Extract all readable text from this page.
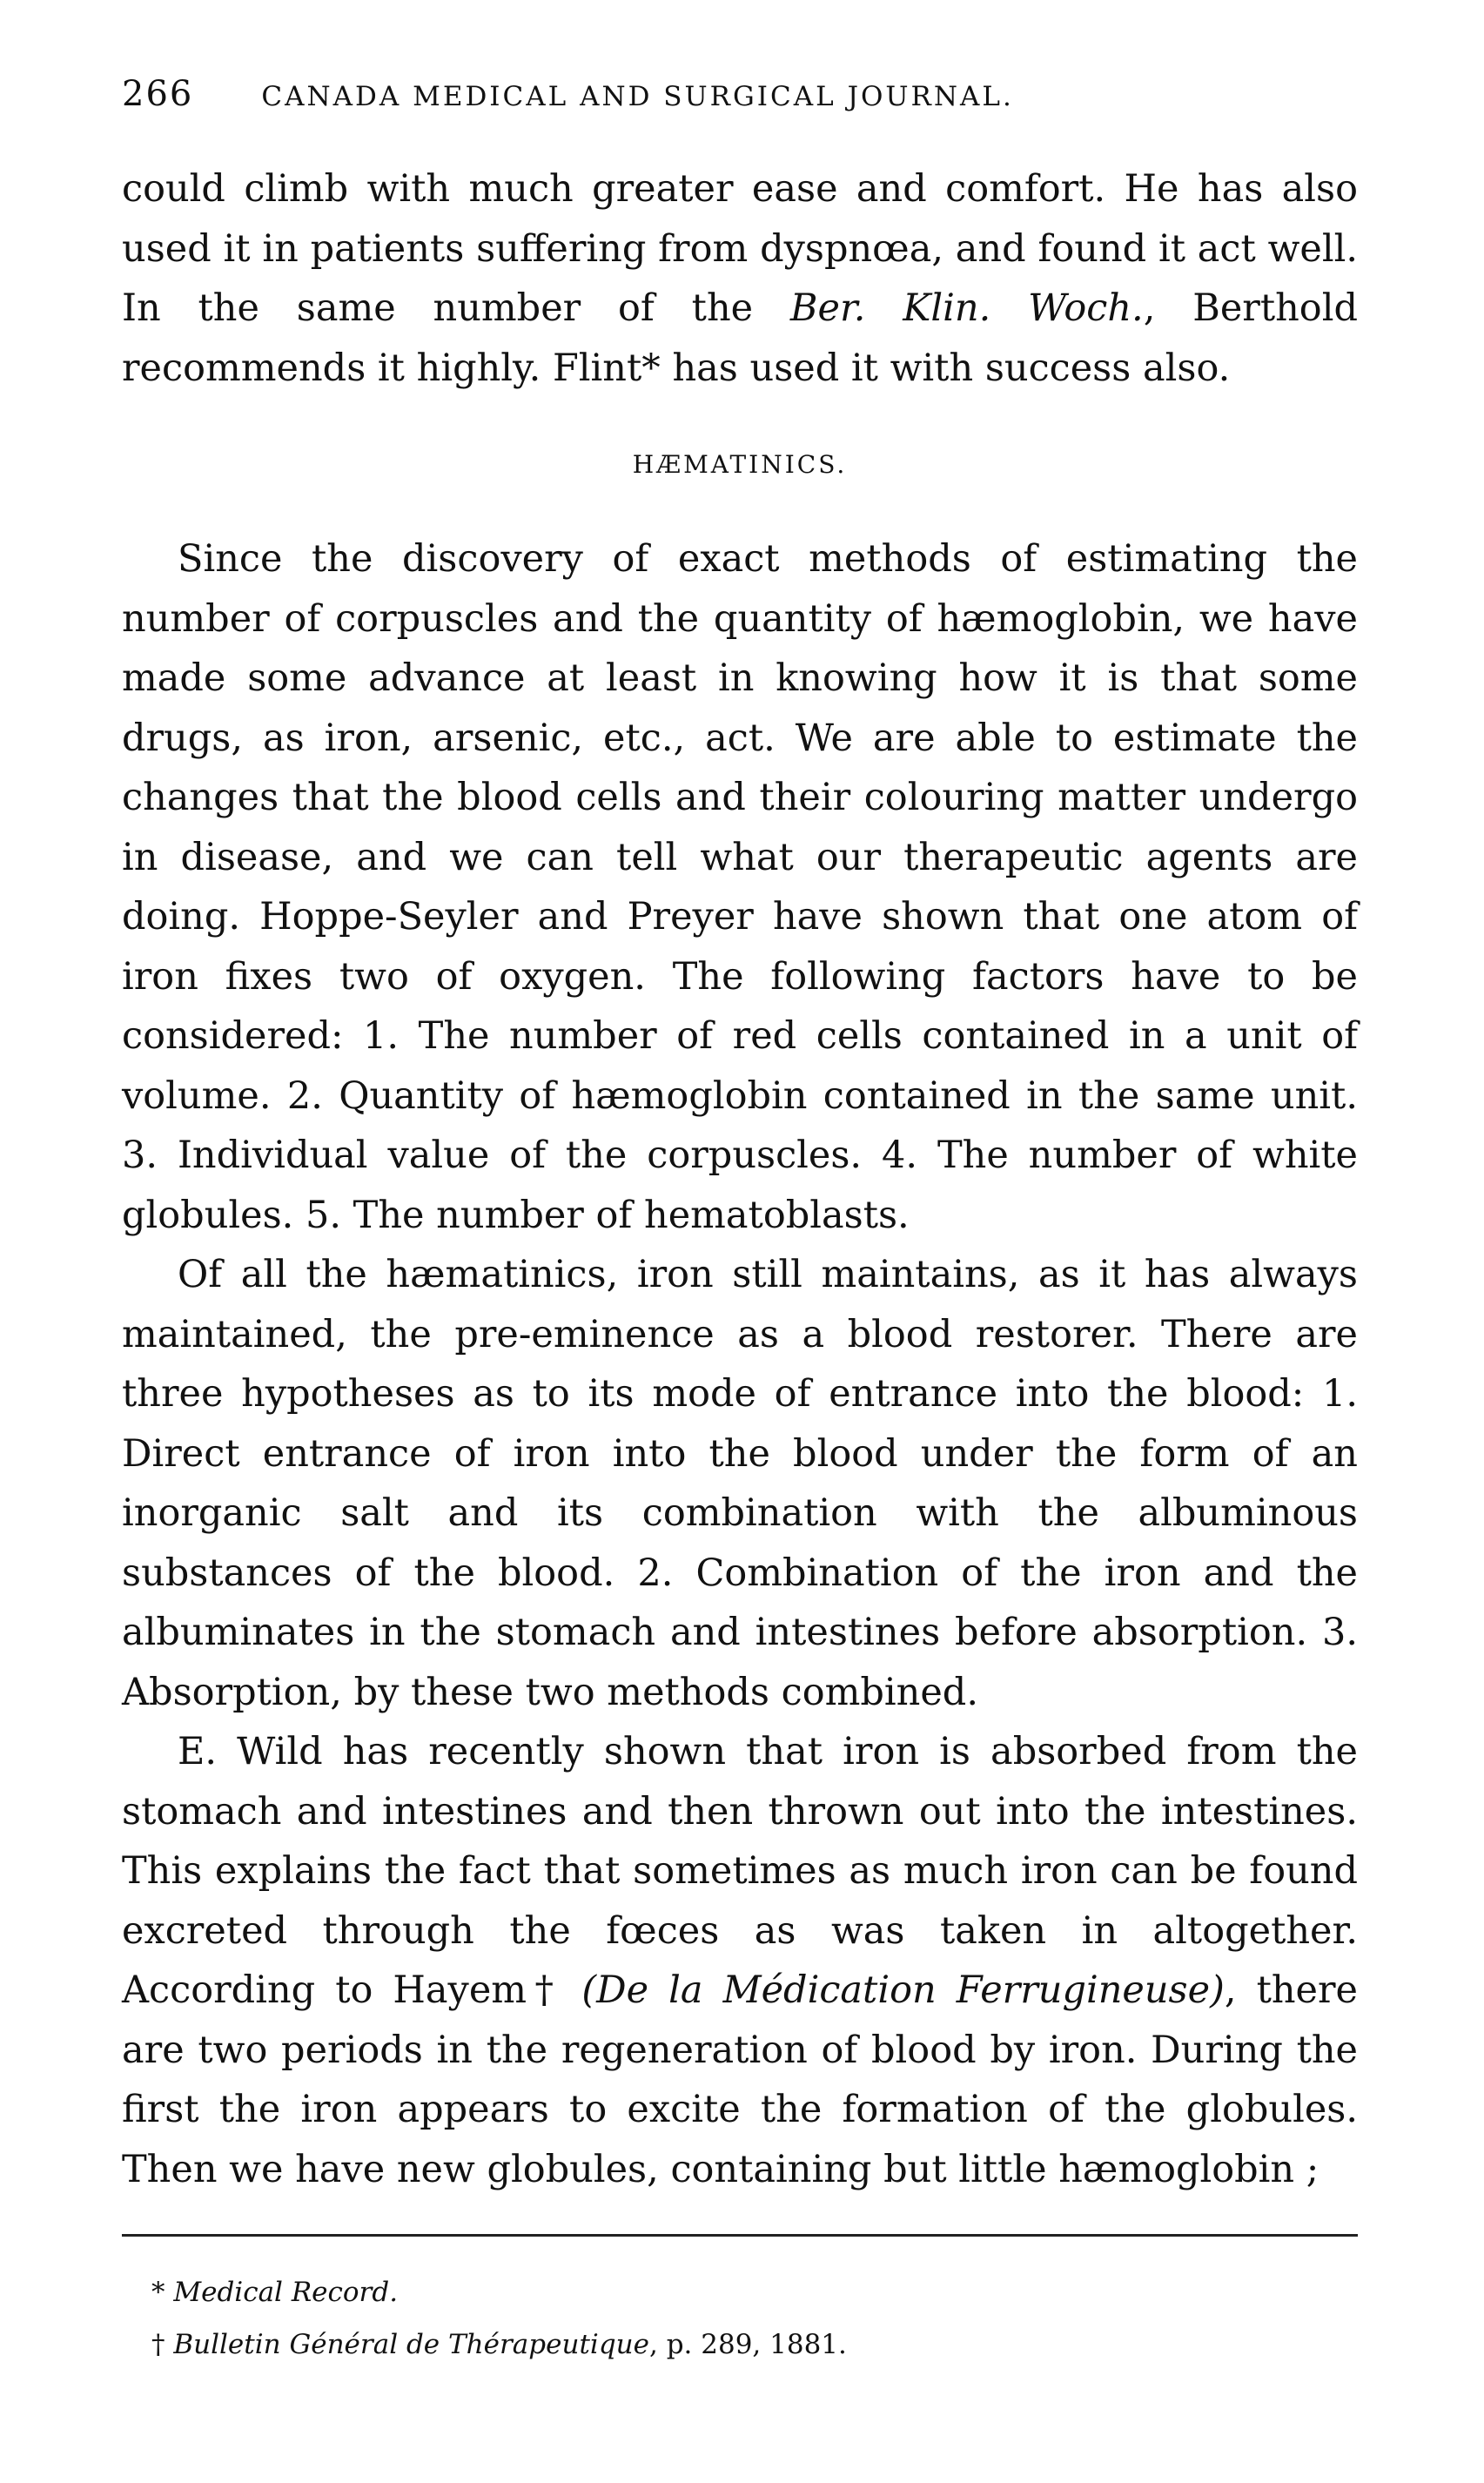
266	CANADA MEDICAL AND SURGICAL JOURNAL.

could climb with much greater ease and comfort. He has also used it in patients suffering from dyspnœa, and found it act well. In the same number of the Ber. Klin. Woch., Berthold recommends it highly. Flint* has used it with success also.

HÆMATINICS.

Since the discovery of exact methods of estimating the number of corpuscles and the quantity of hæmoglobin, we have made some advance at least in knowing how it is that some drugs, as iron, arsenic, etc., act. We are able to estimate the changes that the blood cells and their colouring matter undergo in disease, and we can tell what our therapeutic agents are doing. Hoppe-Seyler and Preyer have shown that one atom of iron fixes two of oxygen. The following factors have to be considered: 1. The number of red cells contained in a unit of volume. 2. Quantity of hæmoglobin contained in the same unit. 3. Individual value of the corpuscles. 4. The number of white globules. 5. The number of hematoblasts.

Of all the hæmatinics, iron still maintains, as it has always maintained, the pre-eminence as a blood restorer. There are three hypotheses as to its mode of entrance into the blood: 1. Direct entrance of iron into the blood under the form of an inorganic salt and its combination with the albuminous substances of the blood. 2. Combination of the iron and the albuminates in the stomach and intestines before absorption. 3. Absorption, by these two methods combined.

E. Wild has recently shown that iron is absorbed from the stomach and intestines and then thrown out into the intestines. This explains the fact that sometimes as much iron can be found excreted through the fœces as was taken in altogether. According to Hayem† (De la Médication Ferrugineuse), there are two periods in the regeneration of blood by iron. During the first the iron appears to excite the formation of the globules. Then we have new globules, containing but little hæmoglobin ;

* Medical Record.

† Bulletin Général de Thérapeutique, p. 289, 1881.
